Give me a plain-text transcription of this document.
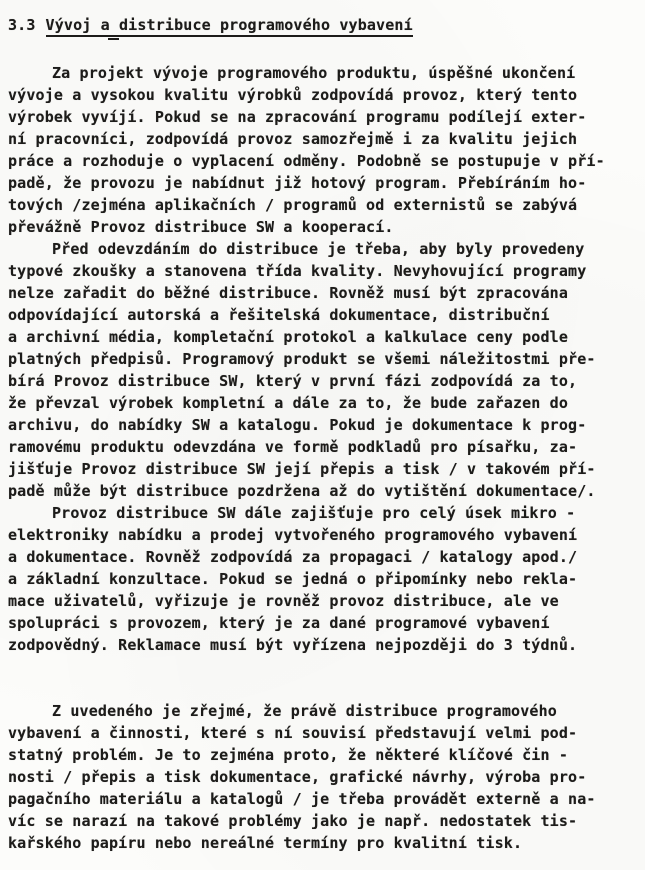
3.3 Vývoj a distribuce programového vybavení

Za projekt vývoje programového produktu, úspěšné ukončení
vývoje a vysokou kvalitu výrobků zodpovídá provoz, který tento
výrobek vyvíjí. Pokud se na zpracování programu podílejí exter-
ní pracovníci, zodpovídá provoz samozřejmě i za kvalitu jejich
práce a rozhoduje o vyplacení odměny. Podobně se postupuje v pří-
padě, že provozu je nabídnut již hotový program. Přebíráním ho-
tových /zejména aplikačních / programů od externistů se zabývá
převážně Provoz distribuce SW a kooperací.

Před odevzdáním do distribuce je třeba, aby byly provedeny
typové zkoušky a stanovena třída kvality. Nevyhovující programy
nelze zařadit do běžné distribuce. Rovněž musí být zpracována
odpovídající autorská a řešitelská dokumentace, distribuční
a archivní média, kompletační protokol a kalkulace ceny podle
platných předpisů. Programový produkt se všemi náležitostmi pře-
bírá Provoz distribuce SW, který v první fázi zodpovídá za to,
že převzal výrobek kompletní a dále za to, že bude zařazen do
archivu, do nabídky SW a katalogu. Pokud je dokumentace k prog-
ramovému produktu odevzdána ve formě podkladů pro písařku, za-
jišťuje Provoz distribuce SW její přepis a tisk / v takovém pří-
padě může být distribuce pozdržena až do vytištění dokumentace/.

Provoz distribuce SW dále zajišťuje pro celý úsek mikro -
elektroniky nabídku a prodej vytvořeného programového vybavení
a dokumentace. Rovněž zodpovídá za propagaci / katalogy apod./
a základní konzultace. Pokud se jedná o připomínky nebo rekla-
mace uživatelů, vyřizuje je rovněž provoz distribuce, ale ve
spolupráci s provozem, který je za dané programové vybavení
zodpovědný. Reklamace musí být vyřízena nejpozději do 3 týdnů.

Z uvedeného je zřejmé, že právě distribuce programového
vybavení a činnosti, které s ní souvisí představují velmi pod-
statný problém. Je to zejména proto, že některé klíčové čin -
nosti / přepis a tisk dokumentace, grafické návrhy, výroba pro-
pagačního materiálu a katalogů / je třeba provádět externě a na-
víc se narazí na takové problémy jako je např. nedostatek tis-
kařského papíru nebo nereálné termíny pro kvalitní tisk.
